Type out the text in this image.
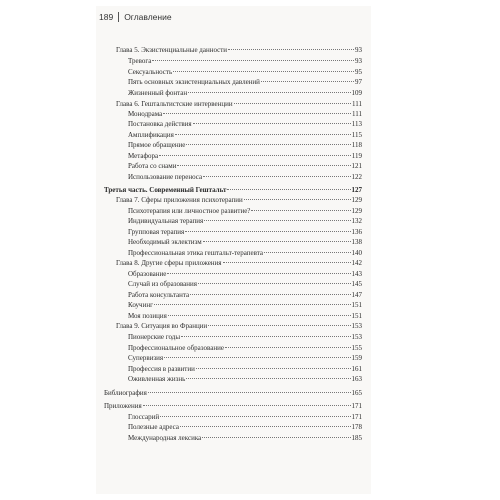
189 Оглавление
Глава 5. Экзистенциальные данности	93
Тревога	93
Сексуальность	95
Пять основных экзистенциальных давлений	97
Жизненный фонтан	109
Глава 6. Гештальтистские интервенции	111
Монодрама	111
Постановка действия	113
Амплификация	115
Прямое обращение	118
Метафора	119
Работа со снами	121
Использование переноса	122
Третья часть. Современный Гештальт	127
Глава 7. Сферы приложения психотерапии	129
Психотерапия или личностное развитие?	129
Индивидуальная терапия	132
Групповая терапия	136
Необходимый эклектизм	138
Профессиональная этика гештальт-терапевта	140
Глава 8. Другие сферы приложения	142
Образование	143
Случай из образования	145
Работа консультанта	147
Коучинг	151
Моя позиция	151
Глава 9. Ситуация во Франции	153
Пионерские годы	153
Профессиональное образование	155
Супервизия	159
Профессия в развитии	161
Оживленная жизнь	163
Библиография	165
Приложения	171
Глоссарий	171
Полезные адреса	178
Международная лексика	185
